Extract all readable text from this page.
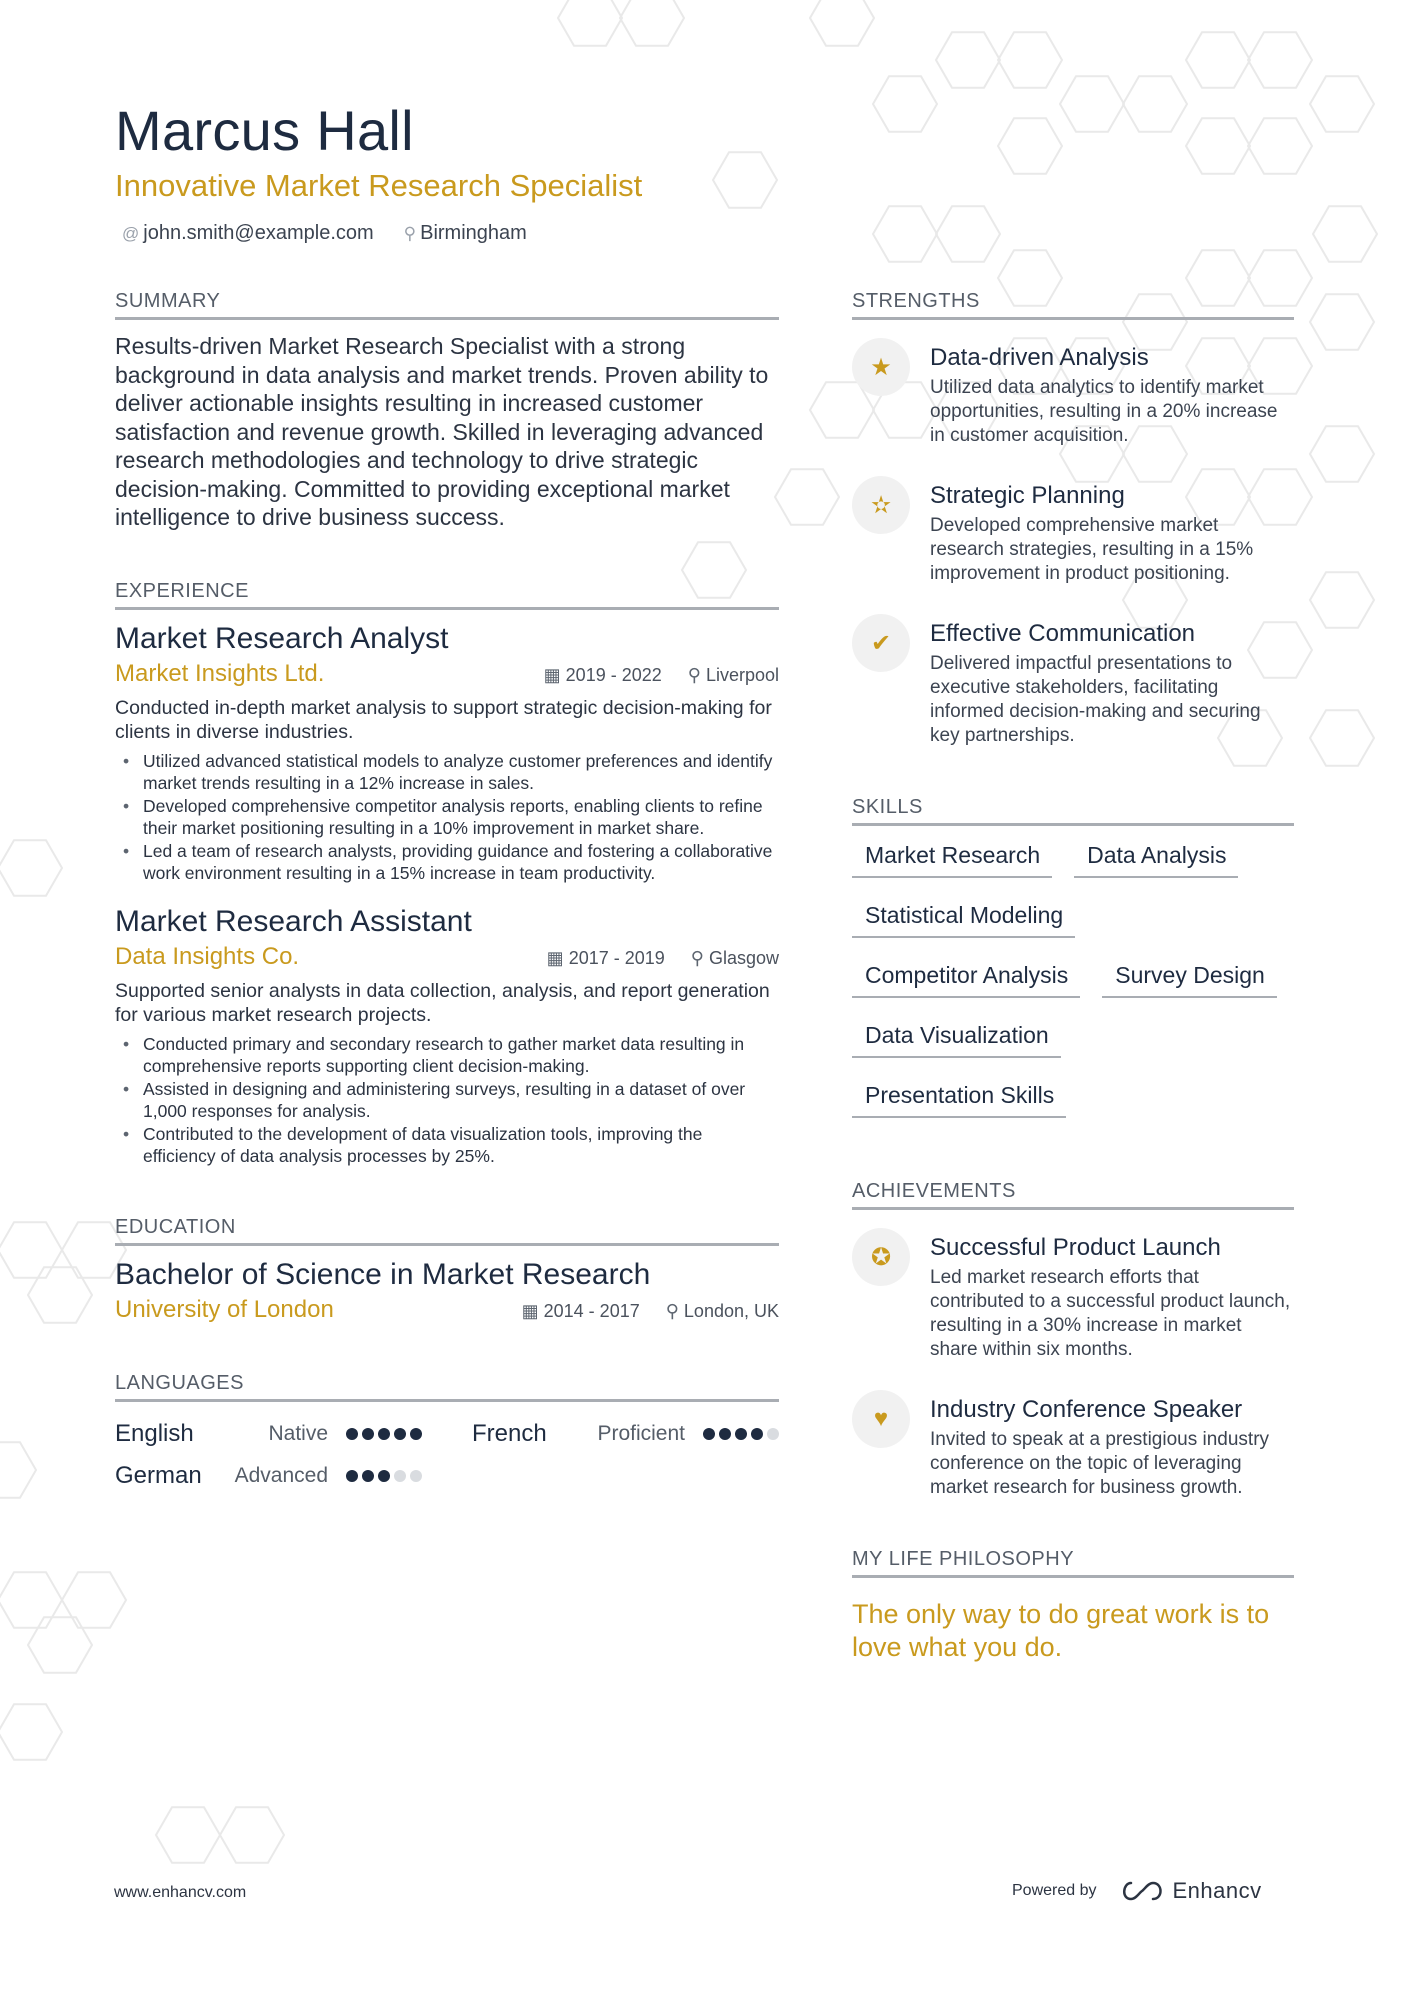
Marcus Hall
Innovative Market Research Specialist
@ john.smith@example.com ⚲ Birmingham
SUMMARY

Results-driven Market Research Specialist with a strong background in data analysis and market trends. Proven ability to deliver actionable insights resulting in increased customer satisfaction and revenue growth. Skilled in leveraging advanced research methodologies and technology to drive strategic decision-making. Committed to providing exceptional market intelligence to drive business success.

EXPERIENCE
Market Research Analyst
Market Insights Ltd.	▦ 2019 - 2022 ⚲ Liverpool
Conducted in-depth market analysis to support strategic decision-making for clients in diverse industries.
• Utilized advanced statistical models to analyze customer preferences and identify market trends resulting in a 12% increase in sales.
• Developed comprehensive competitor analysis reports, enabling clients to refine their market positioning resulting in a 10% improvement in market share.
• Led a team of research analysts, providing guidance and fostering a collaborative work environment resulting in a 15% increase in team productivity.
Market Research Assistant
Data Insights Co.	▦ 2017 - 2019 ⚲ Glasgow
Supported senior analysts in data collection, analysis, and report generation for various market research projects.
• Conducted primary and secondary research to gather market data resulting in comprehensive reports supporting client decision-making.
• Assisted in designing and administering surveys, resulting in a dataset of over 1,000 responses for analysis.
• Contributed to the development of data visualization tools, improving the efficiency of data analysis processes by 25%.
EDUCATION
Bachelor of Science in Market Research
University of London	▦ 2014 - 2017 ⚲ London, UK
LANGUAGES
English	Native	French	Proficient
German	Advanced
STRENGTHS
★	Data-driven Analysis
Utilized data analytics to identify market opportunities, resulting in a 20% increase in customer acquisition.
✫	Strategic Planning
Developed comprehensive market research strategies, resulting in a 15% improvement in product positioning.
✔	Effective Communication
Delivered impactful presentations to executive stakeholders, facilitating informed decision-making and securing key partnerships.
SKILLS
Market Research	Data Analysis
Statistical Modeling
Competitor Analysis	Survey Design
Data Visualization
Presentation Skills
ACHIEVEMENTS
✪	Successful Product Launch
Led market research efforts that contributed to a successful product launch, resulting in a 30% increase in market share within six months.
♥	Industry Conference Speaker
Invited to speak at a prestigious industry conference on the topic of leveraging market research for business growth.
MY LIFE PHILOSOPHY
The only way to do great work is to love what you do.
www.enhancv.com	Powered by	Enhancv
